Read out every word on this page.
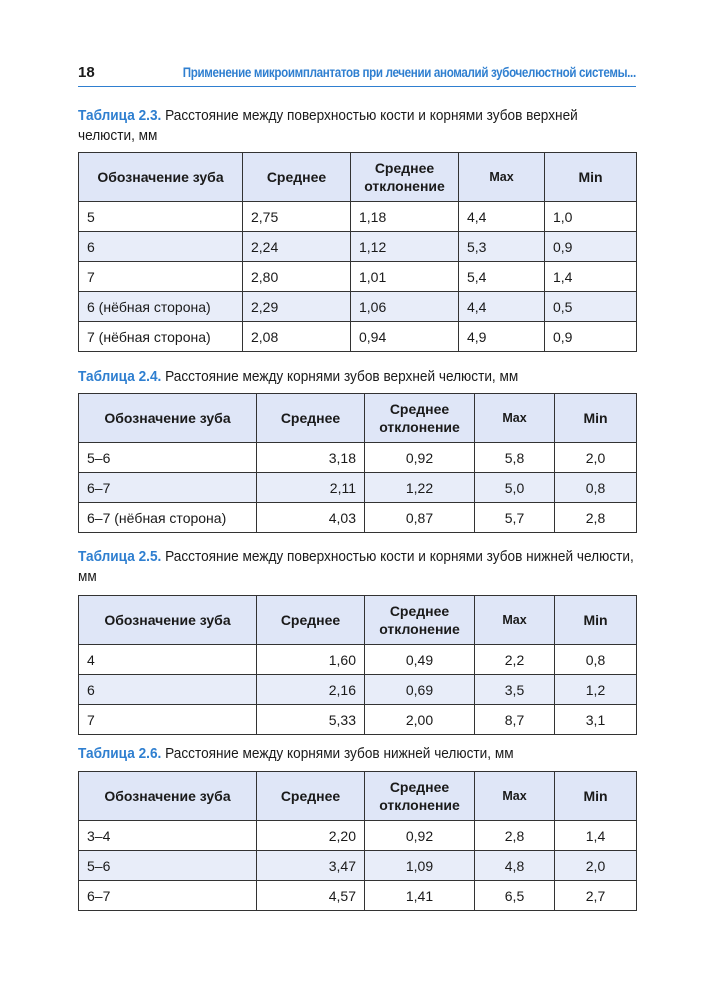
18	Применение микроимплантатов при лечении аномалий зубочелюстной системы...
Таблица 2.3. Расстояние между поверхностью кости и корнями зубов верхней челюсти, мм
Обозначение зуба	Среднее	Среднее отклонение	Max	Min
5	2,75	1,18	4,4	1,0
6	2,24	1,12	5,3	0,9
7	2,80	1,01	5,4	1,4
6 (нёбная сторона)	2,29	1,06	4,4	0,5
7 (нёбная сторона)	2,08	0,94	4,9	0,9
Таблица 2.4. Расстояние между корнями зубов верхней челюсти, мм
Обозначение зуба	Среднее	Среднее отклонение	Max	Min
5–6	3,18	0,92	5,8	2,0
6–7	2,11	1,22	5,0	0,8
6–7 (нёбная сторона)	4,03	0,87	5,7	2,8
Таблица 2.5. Расстояние между поверхностью кости и корнями зубов нижней челюсти, мм
Обозначение зуба	Среднее	Среднее отклонение	Max	Min
4	1,60	0,49	2,2	0,8
6	2,16	0,69	3,5	1,2
7	5,33	2,00	8,7	3,1
Таблица 2.6. Расстояние между корнями зубов нижней челюсти, мм
Обозначение зуба	Среднее	Среднее отклонение	Max	Min
3–4	2,20	0,92	2,8	1,4
5–6	3,47	1,09	4,8	2,0
6–7	4,57	1,41	6,5	2,7
